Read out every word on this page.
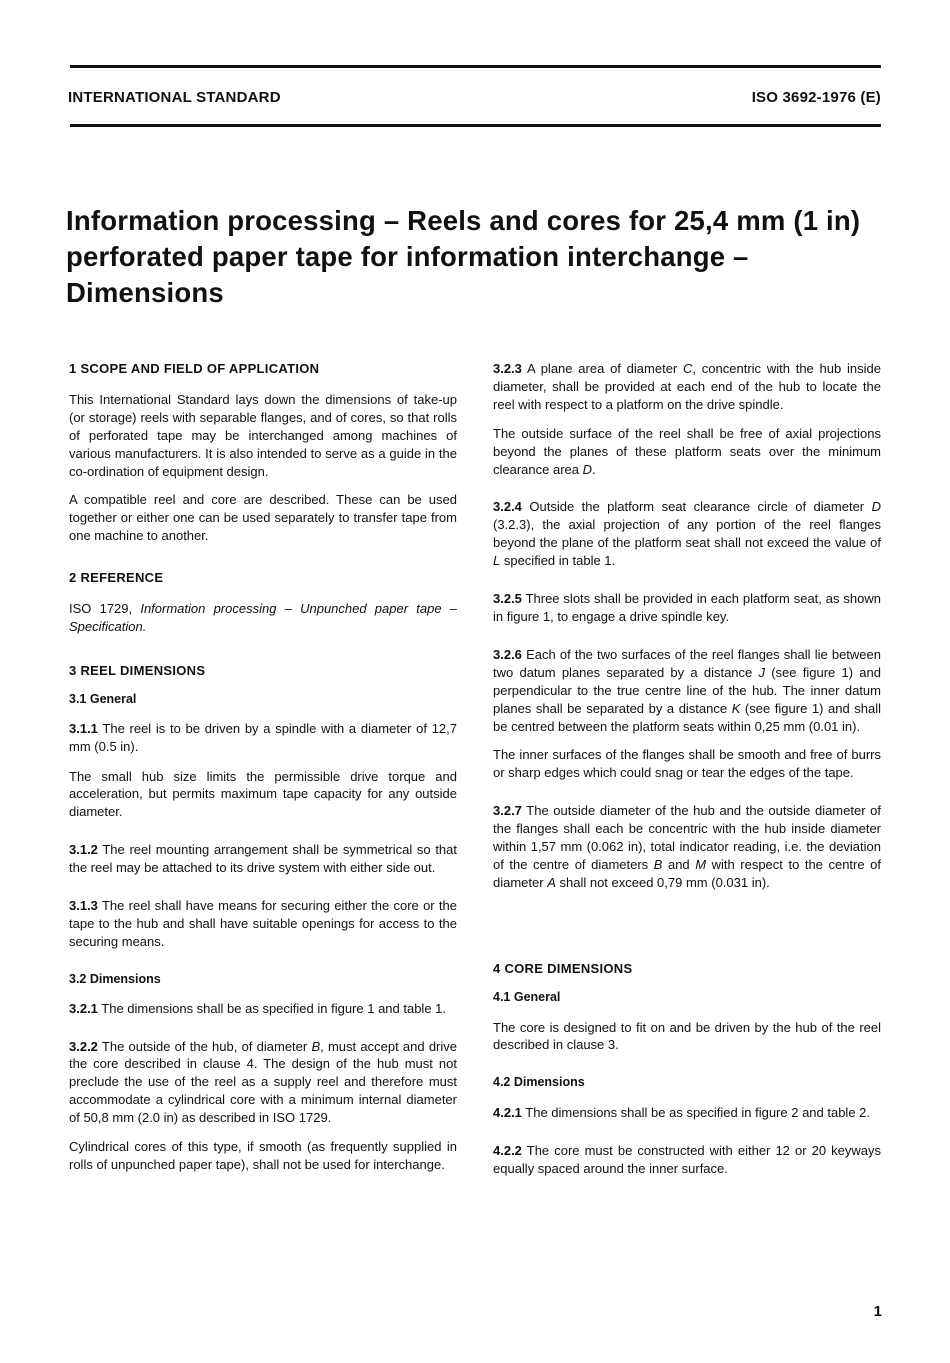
INTERNATIONAL STANDARD	ISO 3692-1976 (E)
Information processing – Reels and cores for 25,4 mm (1 in)
perforated paper tape for information interchange –
Dimensions
1 SCOPE AND FIELD OF APPLICATION

This International Standard lays down the dimensions of take-up (or storage) reels with separable flanges, and of cores, so that rolls of perforated tape may be interchanged among machines of various manufacturers. It is also intended to serve as a guide in the co-ordination of equipment design.

A compatible reel and core are described. These can be used together or either one can be used separately to transfer tape from one machine to another.

2 REFERENCE

ISO 1729, Information processing – Unpunched paper tape – Specification.

3 REEL DIMENSIONS
3.1 General

3.1.1 The reel is to be driven by a spindle with a diameter of 12,7 mm (0.5 in).

The small hub size limits the permissible drive torque and acceleration, but permits maximum tape capacity for any outside diameter.

3.1.2 The reel mounting arrangement shall be symmetrical so that the reel may be attached to its drive system with either side out.

3.1.3 The reel shall have means for securing either the core or the tape to the hub and shall have suitable openings for access to the securing means.

3.2 Dimensions

3.2.1 The dimensions shall be as specified in figure 1 and table 1.

3.2.2 The outside of the hub, of diameter B, must accept and drive the core described in clause 4. The design of the hub must not preclude the use of the reel as a supply reel and therefore must accommodate a cylindrical core with a minimum internal diameter of 50,8 mm (2.0 in) as described in ISO 1729.

Cylindrical cores of this type, if smooth (as frequently supplied in rolls of unpunched paper tape), shall not be used for interchange.

3.2.3 A plane area of diameter C, concentric with the hub inside diameter, shall be provided at each end of the hub to locate the reel with respect to a platform on the drive spindle.

The outside surface of the reel shall be free of axial projections beyond the planes of these platform seats over the minimum clearance area D.

3.2.4 Outside the platform seat clearance circle of diameter D (3.2.3), the axial projection of any portion of the reel flanges beyond the plane of the platform seat shall not exceed the value of L specified in table 1.

3.2.5 Three slots shall be provided in each platform seat, as shown in figure 1, to engage a drive spindle key.

3.2.6 Each of the two surfaces of the reel flanges shall lie between two datum planes separated by a distance J (see figure 1) and perpendicular to the true centre line of the hub. The inner datum planes shall be separated by a distance K (see figure 1) and shall be centred between the platform seats within 0,25 mm (0.01 in).

The inner surfaces of the flanges shall be smooth and free of burrs or sharp edges which could snag or tear the edges of the tape.

3.2.7 The outside diameter of the hub and the outside diameter of the flanges shall each be concentric with the hub inside diameter within 1,57 mm (0.062 in), total indicator reading, i.e. the deviation of the centre of diameters B and M with respect to the centre of diameter A shall not exceed 0,79 mm (0.031 in).

4 CORE DIMENSIONS
4.1 General

The core is designed to fit on and be driven by the hub of the reel described in clause 3.

4.2 Dimensions

4.2.1 The dimensions shall be as specified in figure 2 and table 2.

4.2.2 The core must be constructed with either 12 or 20 keyways equally spaced around the inner surface.

1
